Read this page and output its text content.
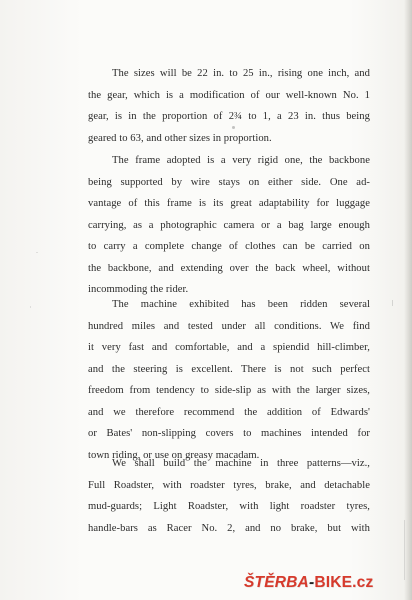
The sizes will be 22 in. to 25 in., rising one inch, and
the gear, which is a modification of our well-known No. 1
gear, is in the proportion of 2¾ to 1, a 23 in. thus being
geared to 63, and other sizes in proportion.
The frame adopted is a very rigid one, the backbone
being supported by wire stays on either side. One ad-
vantage of this frame is its great adaptability for luggage
carrying, as a photographic camera or a bag large enough
to carry a complete change of clothes can be carried on
the backbone, and extending over the back wheel, without
incommoding the rider.
The machine exhibited has been ridden several
hundred miles and tested under all conditions. We find
it very fast and comfortable, and a spiendid hill-climber,
and the steering is excellent. There is not such perfect
freedom from tendency to side-slip as with the larger sizes,
and we therefore recommend the addition of Edwards'
or Bates' non-slipping covers to machines intended for
town riding, or use on greasy macadam.
We shall build the machine in three patterns—viz.,
Full Roadster, with roadster tyres, brake, and detachable
mud-guards; Light Roadster, with light roadster tyres,
handle-bars as Racer No. 2, and no brake, but with
ŠTĚRBA-BIKE.cz
